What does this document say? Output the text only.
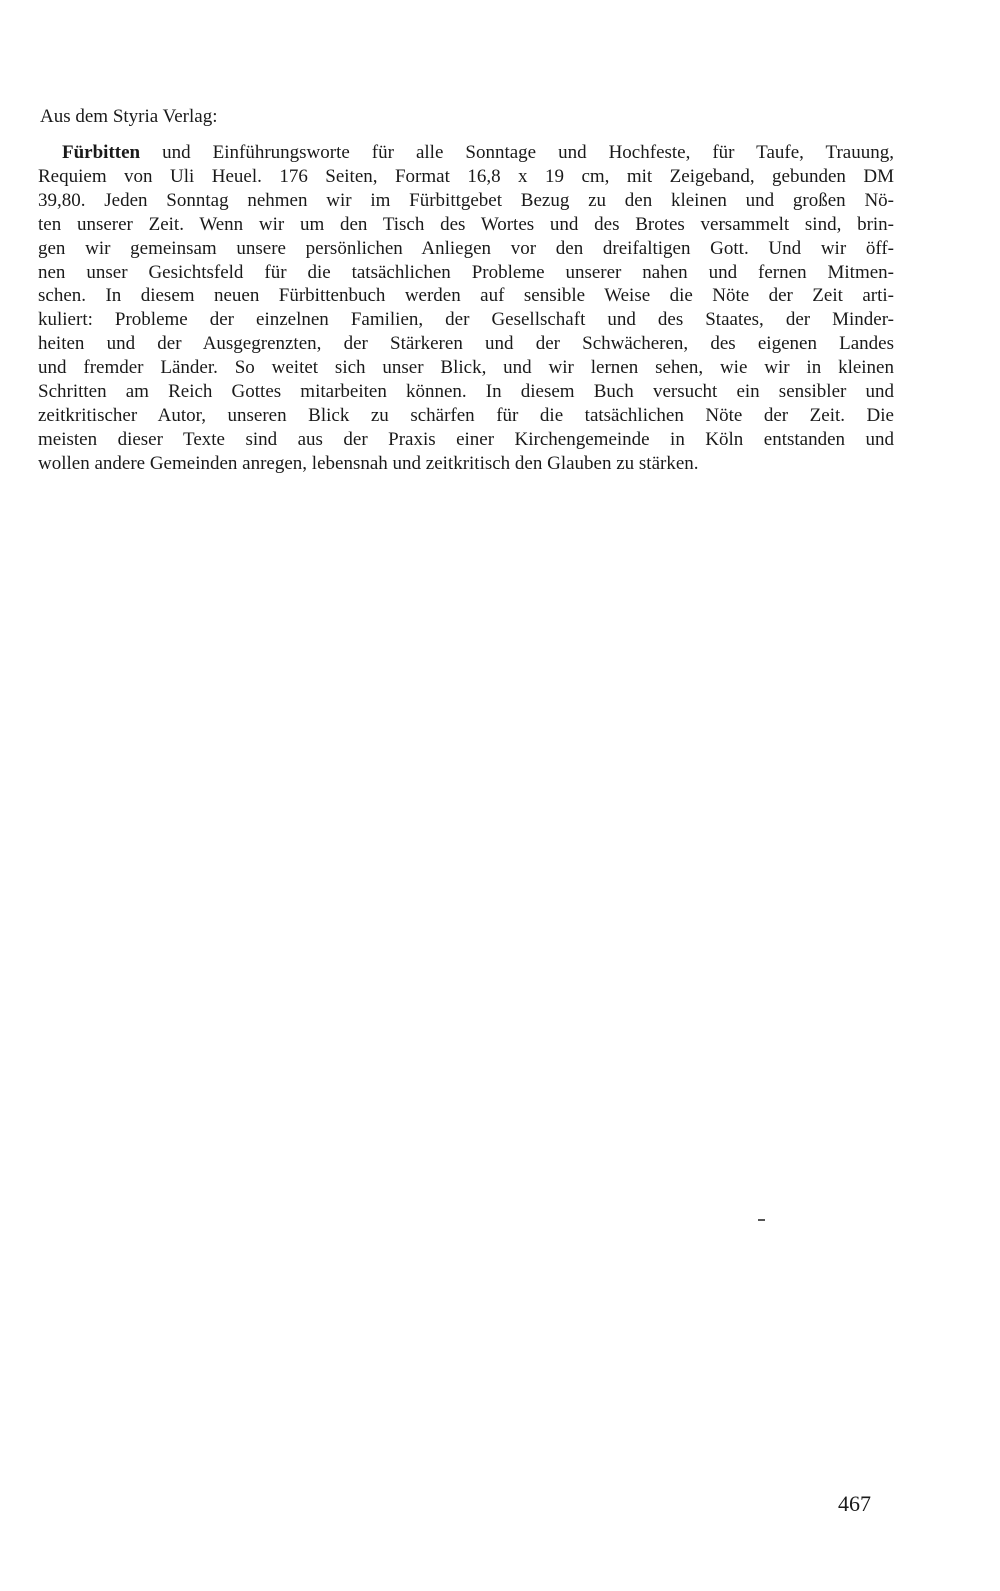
Aus dem Styria Verlag:

Fürbitten und Einführungsworte für alle Sonntage und Hochfeste, für Taufe, Trauung,
Requiem von Uli Heuel. 176 Seiten, Format 16,8 x 19 cm, mit Zeigeband, gebunden DM
39,80. Jeden Sonntag nehmen wir im Fürbittgebet Bezug zu den kleinen und großen Nö-
ten unserer Zeit. Wenn wir um den Tisch des Wortes und des Brotes versammelt sind, brin-
gen wir gemeinsam unsere persönlichen Anliegen vor den dreifaltigen Gott. Und wir öff-
nen unser Gesichtsfeld für die tatsächlichen Probleme unserer nahen und fernen Mitmen-
schen. In diesem neuen Fürbittenbuch werden auf sensible Weise die Nöte der Zeit arti-
kuliert: Probleme der einzelnen Familien, der Gesellschaft und des Staates, der Minder-
heiten und der Ausgegrenzten, der Stärkeren und der Schwächeren, des eigenen Landes
und fremder Länder. So weitet sich unser Blick, und wir lernen sehen, wie wir in kleinen
Schritten am Reich Gottes mitarbeiten können. In diesem Buch versucht ein sensibler und
zeitkritischer Autor, unseren Blick zu schärfen für die tatsächlichen Nöte der Zeit. Die
meisten dieser Texte sind aus der Praxis einer Kirchengemeinde in Köln entstanden und
wollen andere Gemeinden anregen, lebensnah und zeitkritisch den Glauben zu stärken.

467
